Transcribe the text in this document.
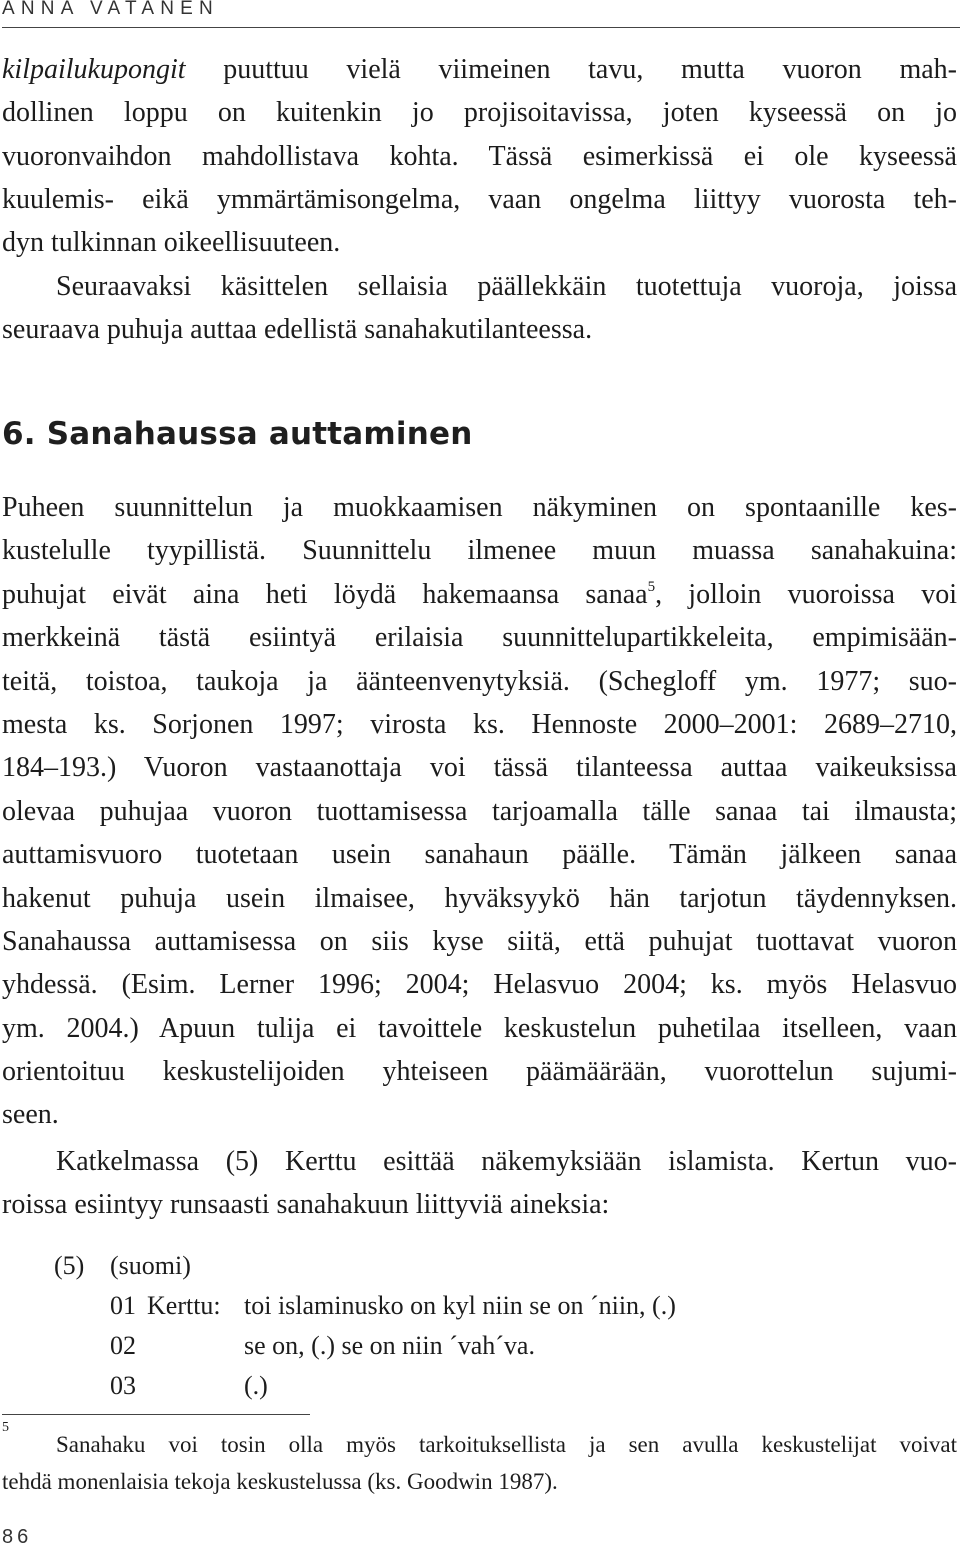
ANNA VATANEN
kilpailukupongit puuttuu vielä viimeinen tavu, mutta vuoron mah-
dollinen loppu on kuitenkin jo projisoitavissa, joten kyseessä on jo
vuoronvaihdon mahdollistava kohta. Tässä esimerkissä ei ole kyseessä
kuulemis- eikä ymmärtämisongelma, vaan ongelma liittyy vuorosta teh-
dyn tulkinnan oikeellisuuteen.
Seuraavaksi käsittelen sellaisia päällekkäin tuotettuja vuoroja, joissa
seuraava puhuja auttaa edellistä sanahakutilanteessa.
6. Sanahaussa auttaminen
Puheen suunnittelun ja muokkaamisen näkyminen on spontaanille kes-
kustelulle tyypillistä. Suunnittelu ilmenee muun muassa sanahakuina:
puhujat eivät aina heti löydä hakemaansa sanaa$^5$, jolloin vuoroissa voi
merkkeinä tästä esiintyä erilaisia suunnittelupartikkeleita, empimisään-
teitä, toistoa, taukoja ja äänteenvenytyksiä. (Schegloff ym. 1977; suo-
mesta ks. Sorjonen 1997; virosta ks. Hennoste 2000–2001: 2689–2710,
184–193.) Vuoron vastaanottaja voi tässä tilanteessa auttaa vaikeuksissa
olevaa puhujaa vuoron tuottamisessa tarjoamalla tälle sanaa tai ilmausta;
auttamisvuoro tuotetaan usein sanahaun päälle. Tämän jälkeen sanaa
hakenut puhuja usein ilmaisee, hyväksyykö hän tarjotun täydennyksen.
Sanahaussa auttamisessa on siis kyse siitä, että puhujat tuottavat vuoron
yhdessä. (Esim. Lerner 1996; 2004; Helasvuo 2004; ks. myös Helasvuo
ym. 2004.) Apuun tulija ei tavoittele keskustelun puhetilaa itselleen, vaan
orientoituu keskustelijoiden yhteiseen päämäärään, vuorottelun sujumi-
seen.
Katkelmassa (5) Kerttu esittää näkemyksiään islamista. Kertun vuo-
roissa esiintyy runsaasti sanahakuun liittyviä aineksia:
(5) (suomi)
01 Kerttu: toi islaminusko on kyl niin se on ´niin, (.)
02	se on, (.) se on niin ´vah´va.
03	(.)
5
Sanahaku voi tosin olla myös tarkoituksellista ja sen avulla keskustelijat voivat
tehdä monenlaisia tekoja keskustelussa (ks. Goodwin 1987).
86
